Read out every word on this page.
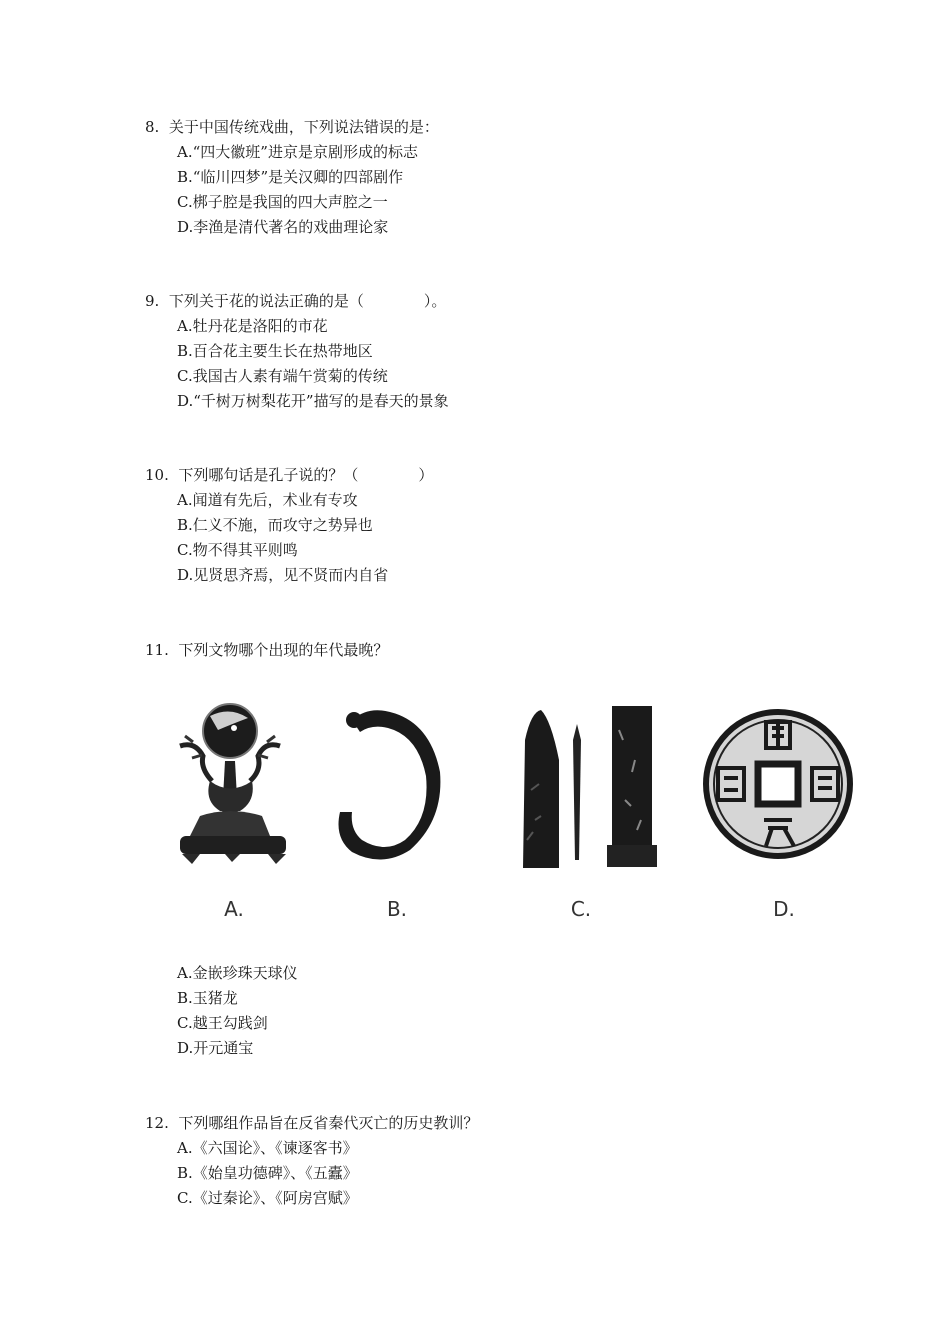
8.  关于中国传统戏曲，下列说法错误的是：
A.“四大徽班”进京是京剧形成的标志
B.“临川四梦”是关汉卿的四部剧作
C.梆子腔是我国的四大声腔之一
D.李渔是清代著名的戏曲理论家
9.  下列关于花的说法正确的是（　　　　）。
A.牡丹花是洛阳的市花
B.百合花主要生长在热带地区
C.我国古人素有端午赏菊的传统
D.“千树万树梨花开”描写的是春天的景象
10.  下列哪句话是孔子说的？（　　　　）
A.闻道有先后，术业有专攻
B.仁义不施，而攻守之势异也
C.物不得其平则鸣
D.见贤思齐焉，见不贤而内自省
11.  下列文物哪个出现的年代最晚？
A.	B.	C.	D.
A.金嵌珍珠天球仪
B.玉猪龙
C.越王勾践剑
D.开元通宝
12.  下列哪组作品旨在反省秦代灭亡的历史教训？
A.《六国论》、《谏逐客书》
B.《始皇功德碑》、《五蠹》
C.《过秦论》、《阿房宫赋》
